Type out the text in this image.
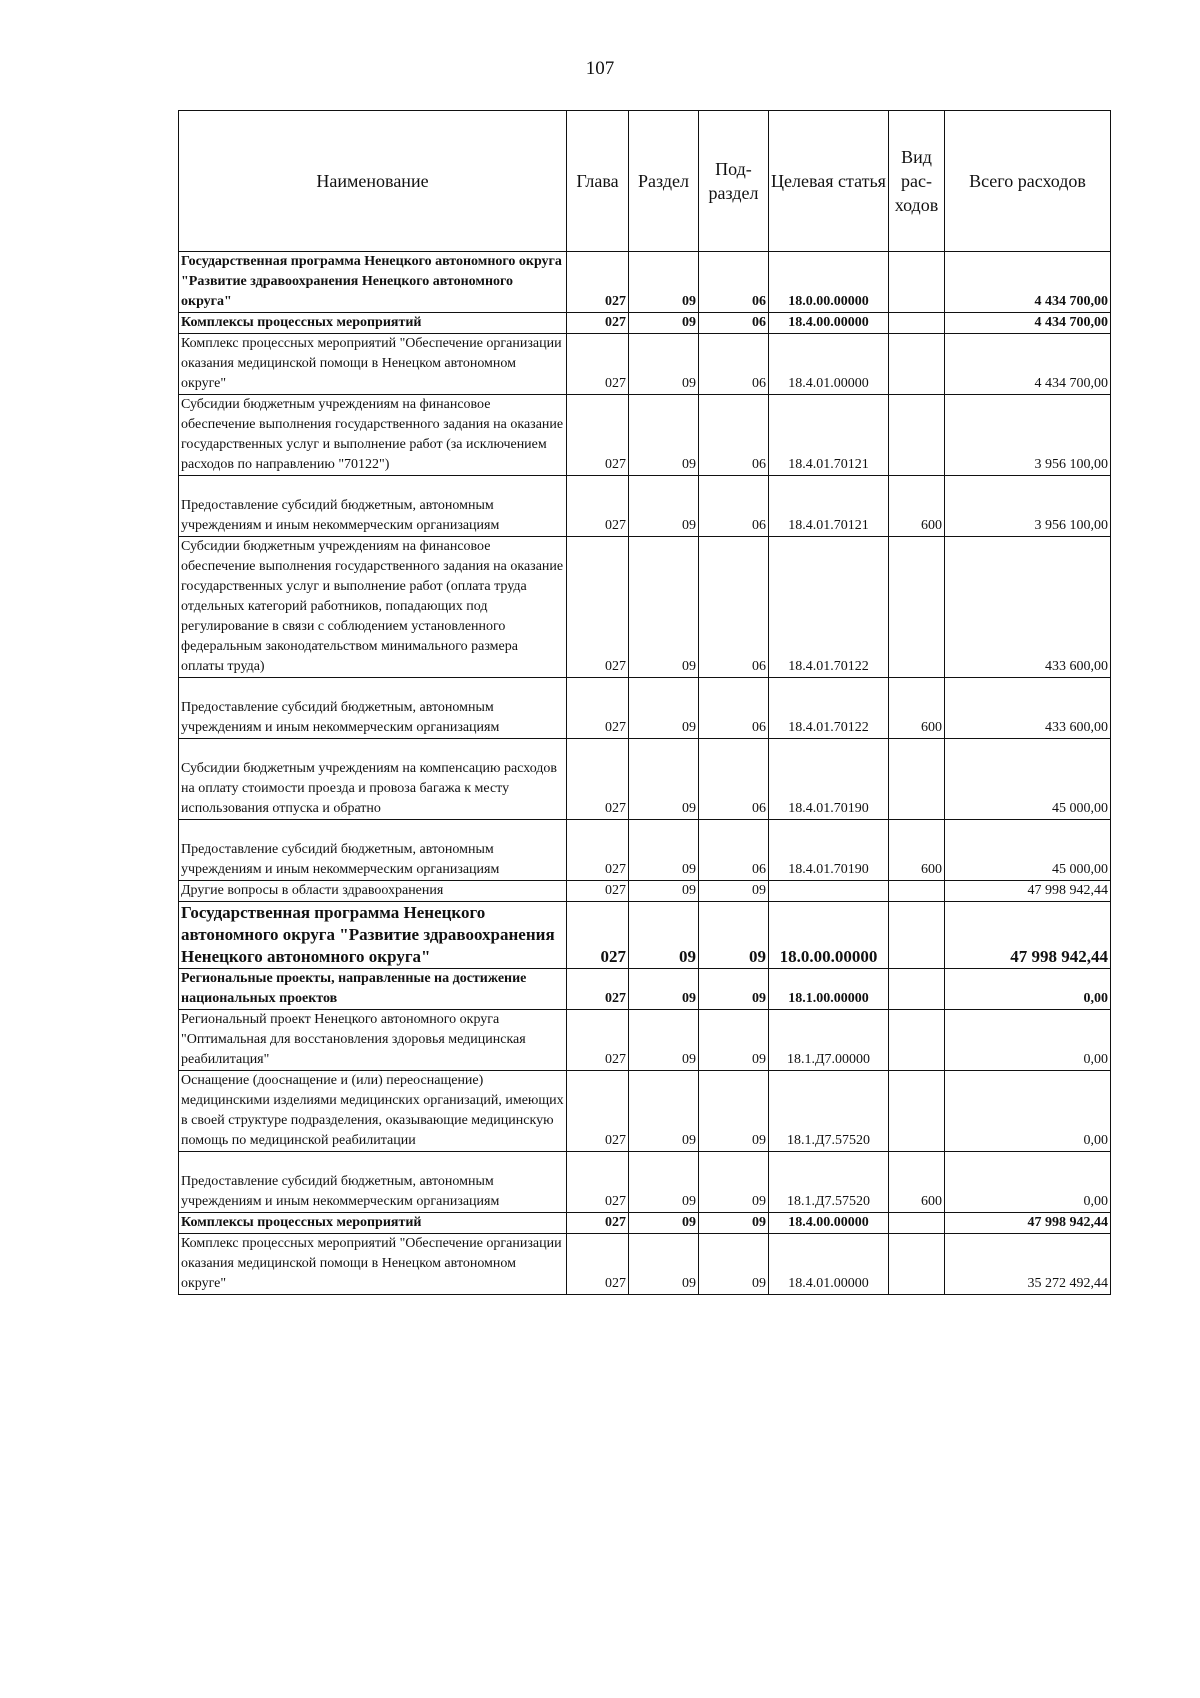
107
Наименование	Глава	Раздел	Под-раздел	Целевая статья	Вид рас-ходов	Всего расходов
Государственная программа Ненецкого автономного округа "Развитие здравоохранения Ненецкого автономного округа"	027	09	06	18.0.00.00000		4 434 700,00
Комплексы процессных мероприятий	027	09	06	18.4.00.00000		4 434 700,00
Комплекс процессных мероприятий "Обеспечение организации оказания медицинской помощи в Ненецком автономном округе"	027	09	06	18.4.01.00000		4 434 700,00
Субсидии бюджетным учреждениям на финансовое обеспечение выполнения государственного задания на оказание государственных услуг и выполнение работ (за исключением расходов по направлению "70122")	027	09	06	18.4.01.70121		3 956 100,00
Предоставление субсидий бюджетным, автономным учреждениям и иным некоммерческим организациям	027	09	06	18.4.01.70121	600	3 956 100,00
Субсидии бюджетным учреждениям на финансовое обеспечение выполнения государственного задания на оказание государственных услуг и выполнение работ (оплата труда отдельных категорий работников, попадающих под регулирование в связи с соблюдением установленного федеральным законодательством минимального размера оплаты труда)	027	09	06	18.4.01.70122		433 600,00
Предоставление субсидий бюджетным, автономным учреждениям и иным некоммерческим организациям	027	09	06	18.4.01.70122	600	433 600,00
Субсидии бюджетным учреждениям на компенсацию расходов на оплату стоимости проезда и провоза багажа к месту использования отпуска и обратно	027	09	06	18.4.01.70190		45 000,00
Предоставление субсидий бюджетным, автономным учреждениям и иным некоммерческим организациям	027	09	06	18.4.01.70190	600	45 000,00
Другие вопросы в области здравоохранения	027	09	09			47 998 942,44
Государственная программа Ненецкого автономного округа "Развитие здравоохранения Ненецкого автономного округа"	027	09	09	18.0.00.00000		47 998 942,44
Региональные проекты, направленные на достижение национальных проектов	027	09	09	18.1.00.00000		0,00
Региональный проект Ненецкого автономного округа "Оптимальная для восстановления здоровья медицинская реабилитация"	027	09	09	18.1.Д7.00000		0,00
Оснащение (дооснащение и (или) переоснащение) медицинскими изделиями медицинских организаций, имеющих в своей структуре подразделения, оказывающие медицинскую помощь по медицинской реабилитации	027	09	09	18.1.Д7.57520		0,00
Предоставление субсидий бюджетным, автономным учреждениям и иным некоммерческим организациям	027	09	09	18.1.Д7.57520	600	0,00
Комплексы процессных мероприятий	027	09	09	18.4.00.00000		47 998 942,44
Комплекс процессных мероприятий "Обеспечение организации оказания медицинской помощи в Ненецком автономном округе"	027	09	09	18.4.01.00000		35 272 492,44
